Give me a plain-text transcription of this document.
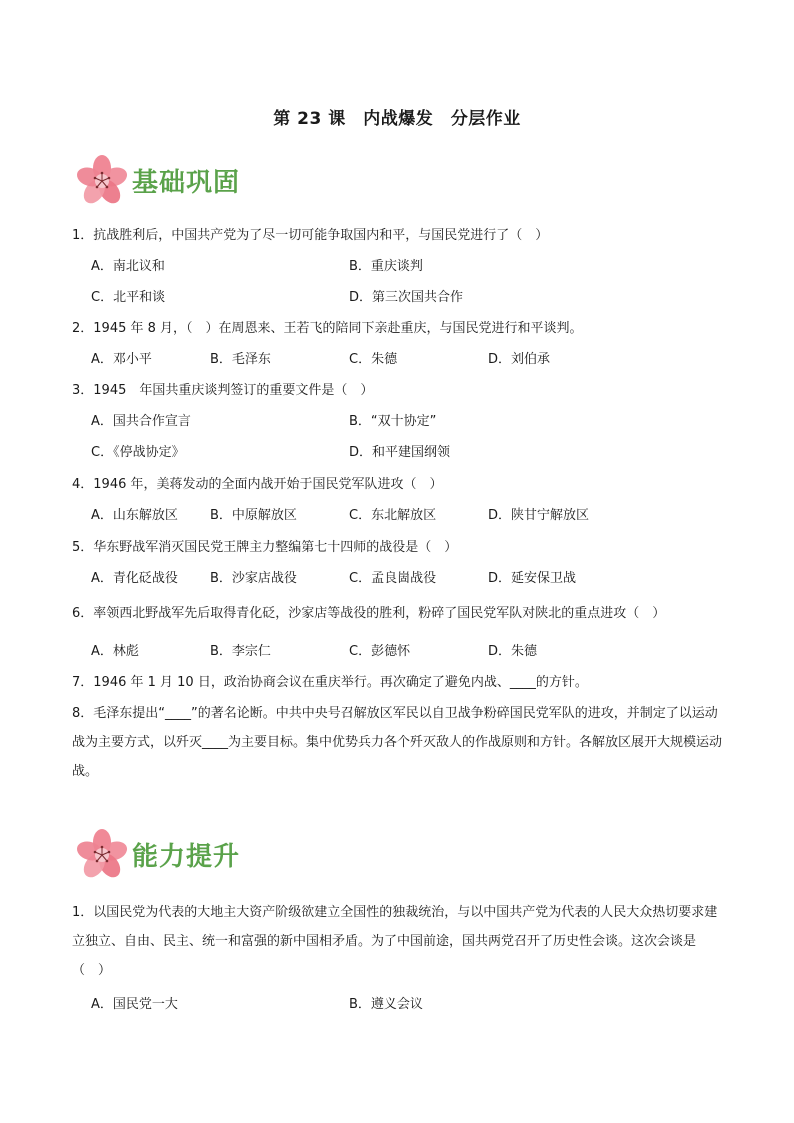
第 23 课　内战爆发　分层作业
基础巩固
1．抗战胜利后，中国共产党为了尽一切可能争取国内和平，与国民党进行了（　）
A．南北议和	B．重庆谈判
C．北平和谈	D．第三次国共合作
2．1945 年 8 月，（　）在周恩来、王若飞的陪同下亲赴重庆，与国民党进行和平谈判。
A．邓小平	B．毛泽东	C．朱德	D．刘伯承
3．1945　年国共重庆谈判签订的重要文件是（　）
A．国共合作宣言	B．“双十协定”
C．《停战协定》	D．和平建国纲领
4．1946 年，美蒋发动的全面内战开始于国民党军队进攻（　）
A．山东解放区 B．中原解放区	C．东北解放区	D．陕甘宁解放区
5．华东野战军消灭国民党王牌主力整编第七十四师的战役是（　）
A．青化砭战役 B．沙家店战役	C．孟良崮战役	D．延安保卫战
6．率领西北野战军先后取得青化砭，沙家店等战役的胜利，粉碎了国民党军队对陕北的重点进攻（　）
A．林彪	B．李宗仁	C．彭德怀	D．朱德
7．1946 年 1 月 10 日，政治协商会议在重庆举行。再次确定了避免内战、____的方针。
8．毛泽东提出“____”的著名论断。中共中央号召解放区军民以自卫战争粉碎国民党军队的进攻，并制定了以运动战为主要方式，以歼灭____为主要目标。集中优势兵力各个歼灭敌人的作战原则和方针。各解放区展开大规模运动战。
能力提升
1．以国民党为代表的大地主大资产阶级欲建立全国性的独裁统治，与以中国共产党为代表的人民大众热切要求建立独立、自由、民主、统一和富强的新中国相矛盾。为了中国前途，国共两党召开了历史性会谈。这次会谈是（　）
A．国民党一大	B．遵义会议
